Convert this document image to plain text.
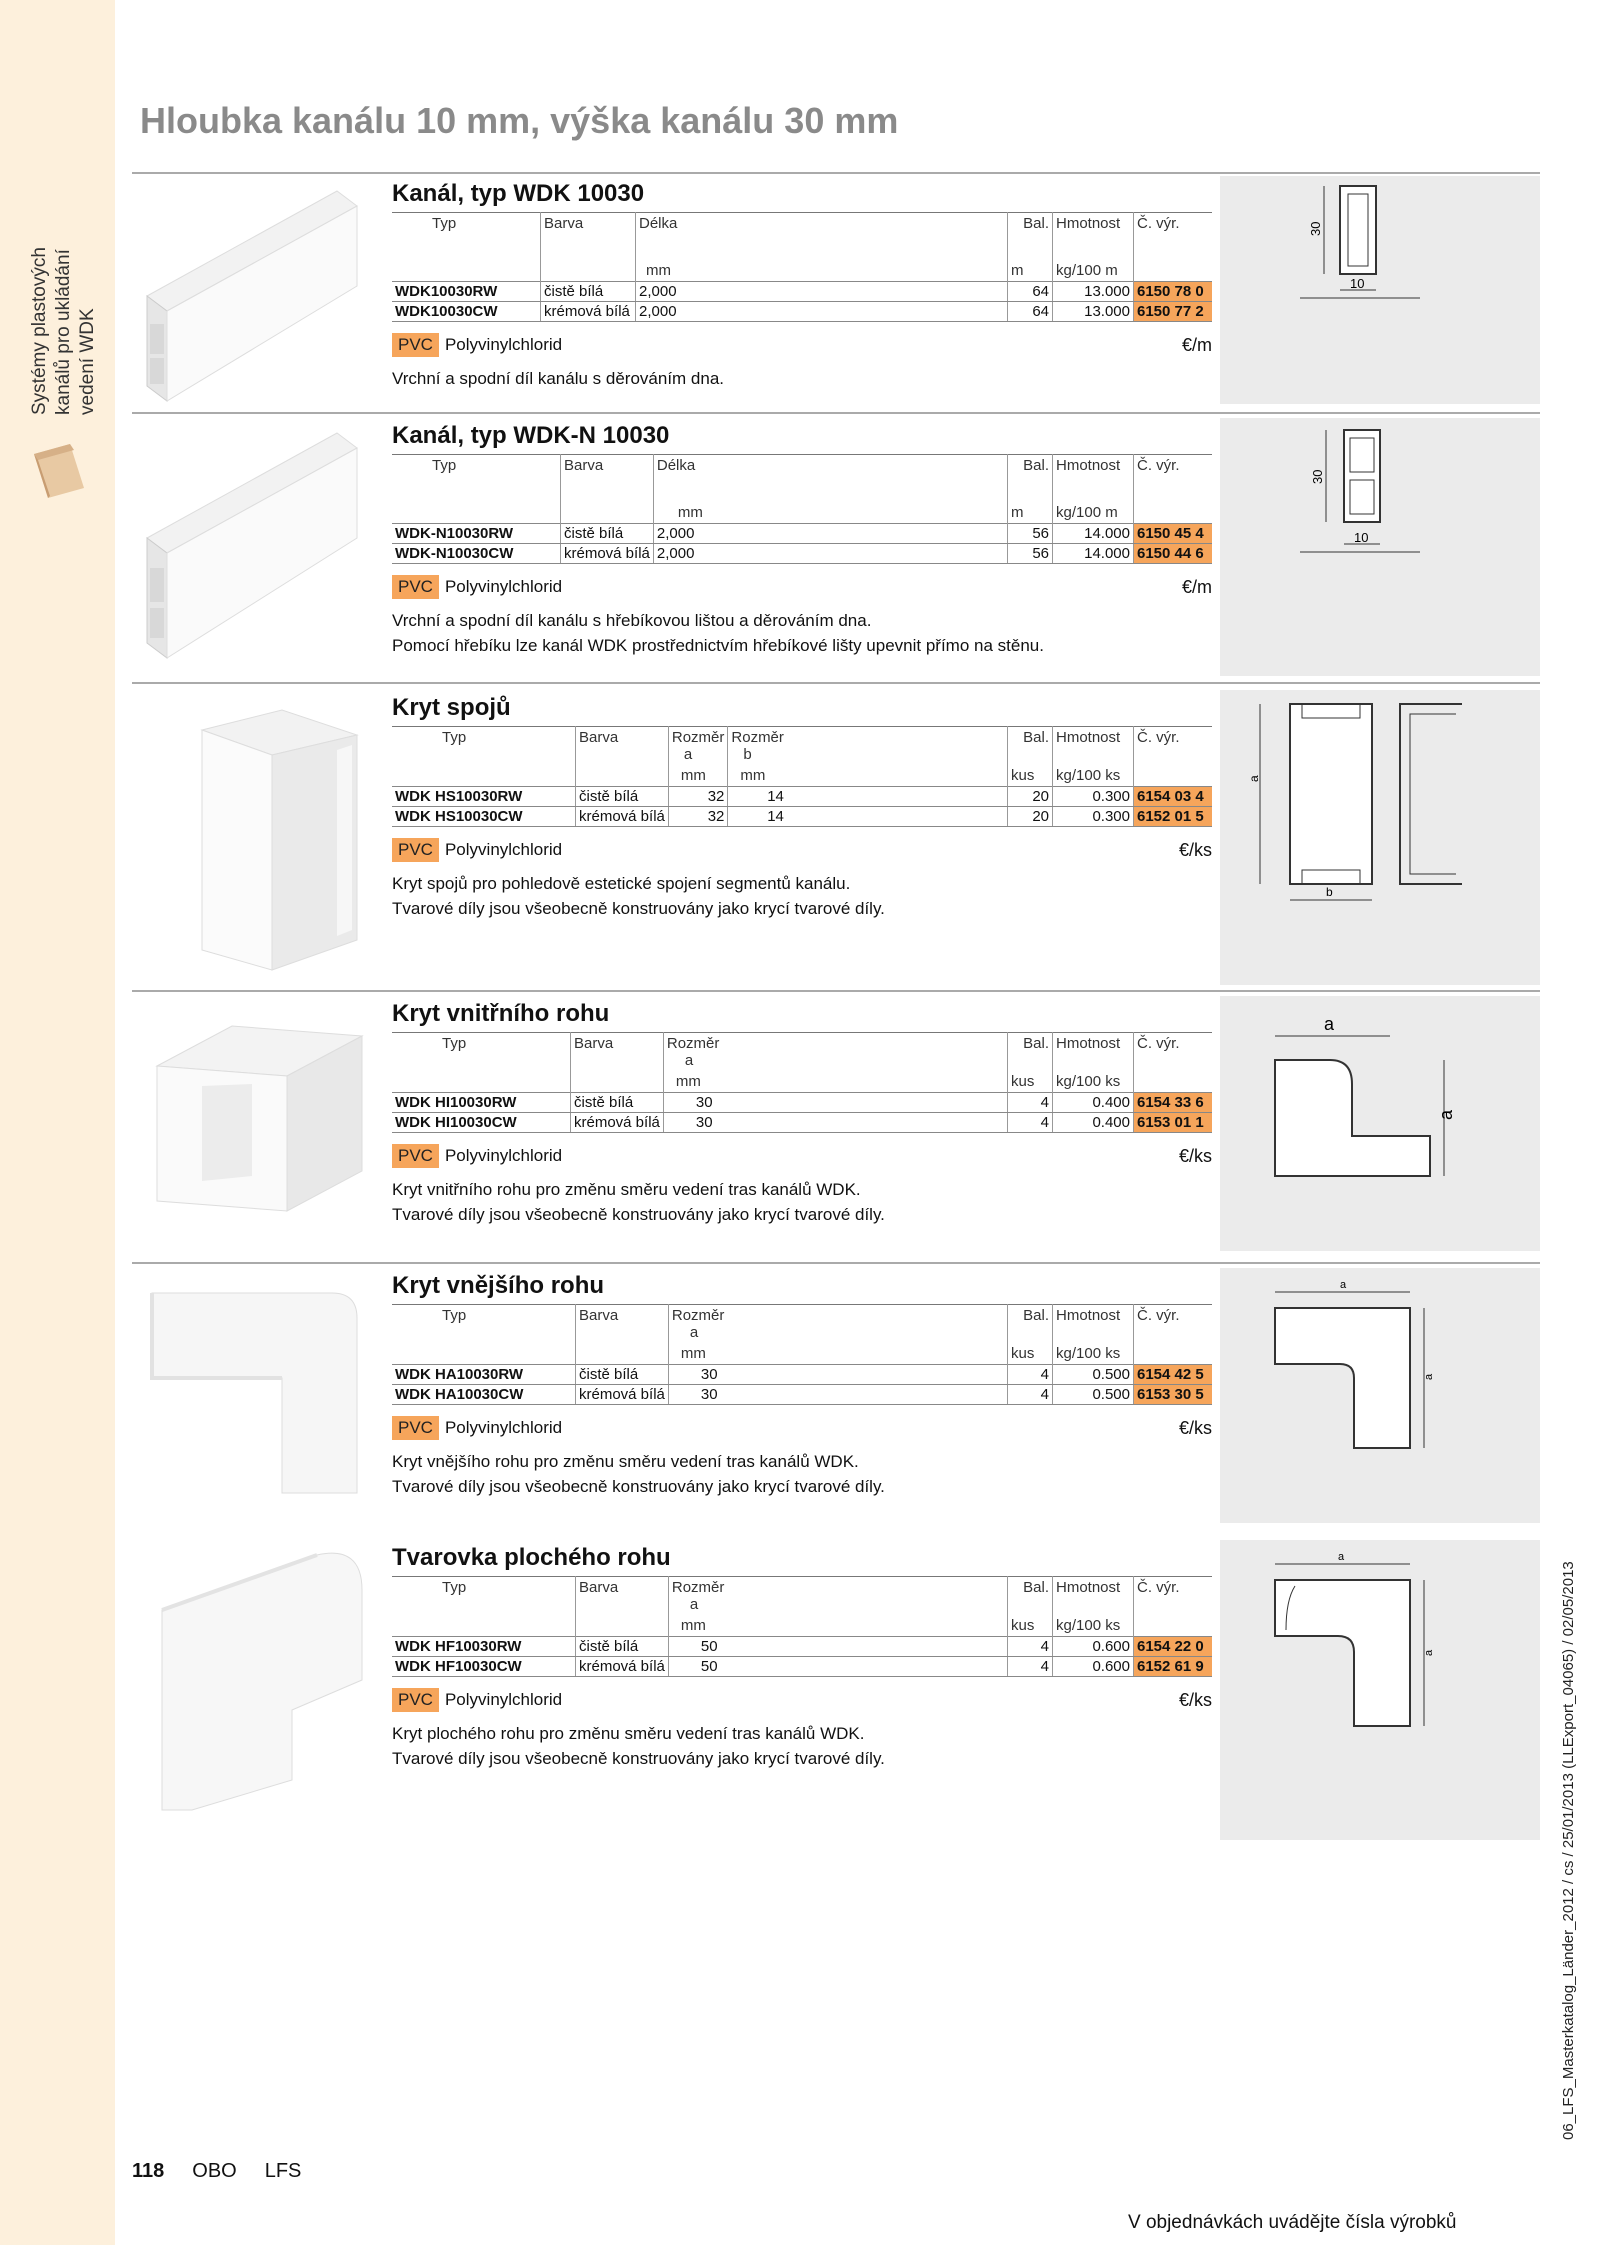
Systémy plastových kanálů pro ukládání vedení WDK
Hloubka kanálu 10 mm, výška kanálu 30 mm
Kanál, typ WDK 10030
Typ	Barva	Délka		Bal.	Hmotnost	Č. výr.

		mm		m	kg/100 m	
WDK10030RW	čistě bílá	2,000		64	13.000	6150 78 0
WDK10030CW	krémová bílá	2,000		64	13.000	6150 77 2
PVC Polyvinylchlorid	€/m
Vrchní a spodní díl kanálu s děrováním dna.
30
10
Kanál, typ WDK-N 10030
Typ	Barva	Délka		Bal.	Hmotnost	Č. výr.

		mm		m	kg/100 m	
WDK-N10030RW	čistě bílá	2,000		56	14.000	6150 45 4
WDK-N10030CW	krémová bílá	2,000		56	14.000	6150 44 6
PVC Polyvinylchlorid	€/m
Vrchní a spodní díl kanálu s hřebíkovou lištou a děrováním dna.
Pomocí hřebíku lze kanál WDK prostřednictvím hřebíkové lišty upevnit přímo na stěnu.
30
10
Kryt spojů
Typ	Barva	Rozměr
a	Rozměr
b		Bal.	Hmotnost	Č. výr.
		mm	mm		kus	kg/100 ks	
WDK HS10030RW	čistě bílá	32	14		20	0.300	6154 03 4
WDK HS10030CW	krémová bílá	32	14		20	0.300	6152 01 5
PVC Polyvinylchlorid	€/ks
Kryt spojů pro pohledově estetické spojení segmentů kanálu.
Tvarové díly jsou všeobecně konstruovány jako krycí tvarové díly.
a
b
Kryt vnitřního rohu
Typ	Barva	Rozměr
a		Bal.	Hmotnost	Č. výr.
		mm		kus	kg/100 ks	
WDK HI10030RW	čistě bílá	30		4	0.400	6154 33 6
WDK HI10030CW	krémová bílá	30		4	0.400	6153 01 1
PVC Polyvinylchlorid	€/ks
Kryt vnitřního rohu pro změnu směru vedení tras kanálů WDK.
Tvarové díly jsou všeobecně konstruovány jako krycí tvarové díly.
a
a
Kryt vnějšího rohu
Typ	Barva	Rozměr
a		Bal.	Hmotnost	Č. výr.
		mm		kus	kg/100 ks	
WDK HA10030RW	čistě bílá	30		4	0.500	6154 42 5
WDK HA10030CW	krémová bílá	30		4	0.500	6153 30 5
PVC Polyvinylchlorid	€/ks
Kryt vnějšího rohu pro změnu směru vedení tras kanálů WDK.
Tvarové díly jsou všeobecně konstruovány jako krycí tvarové díly.
a
a
Tvarovka plochého rohu
Typ	Barva	Rozměr
a		Bal.	Hmotnost	Č. výr.
		mm		kus	kg/100 ks	
WDK HF10030RW	čistě bílá	50		4	0.600	6154 22 0
WDK HF10030CW	krémová bílá	50		4	0.600	6152 61 9
PVC Polyvinylchlorid	€/ks
Kryt plochého rohu pro změnu směru vedení tras kanálů WDK.
Tvarové díly jsou všeobecně konstruovány jako krycí tvarové díly.
a
a
118 OBO LFS
V objednávkách uvádějte čísla výrobků
06_LFS_Masterkatalog_Länder_2012 / cs / 25/01/2013 (LLExport_04065) / 02/05/2013
